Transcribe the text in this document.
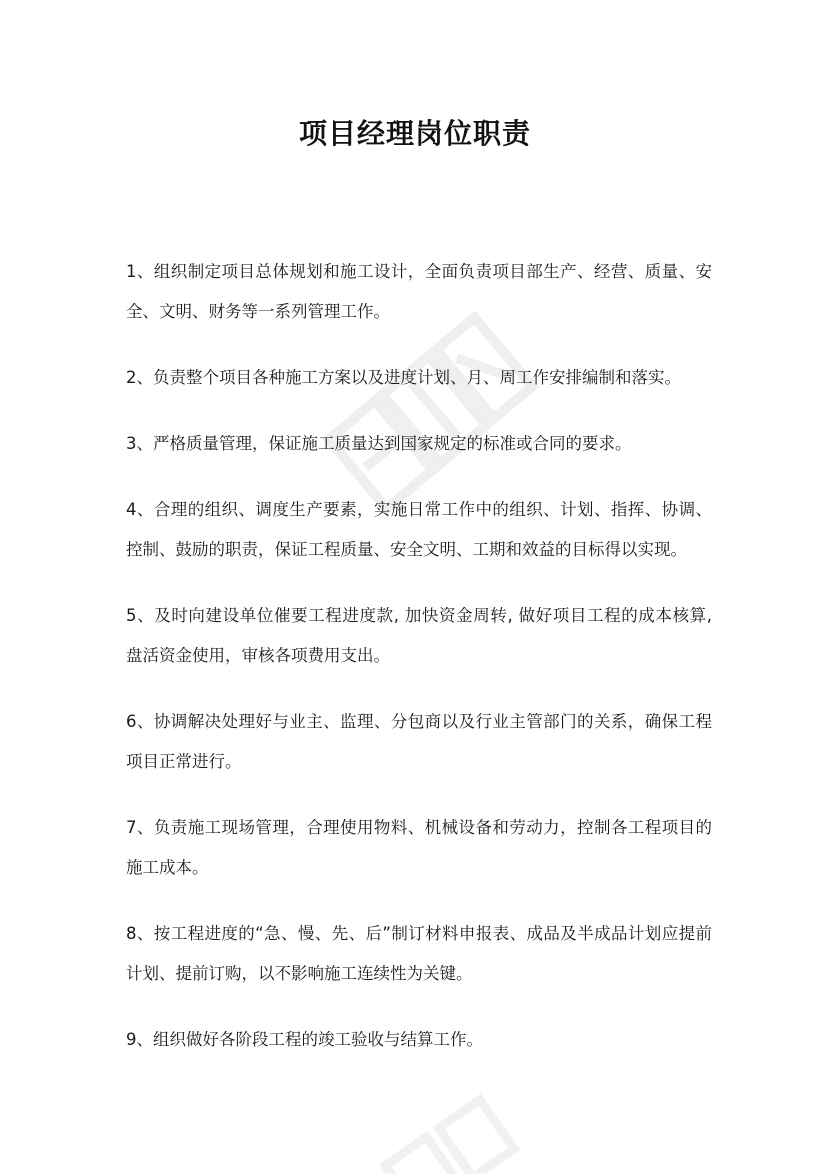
项目经理岗位职责

1、组织制定项目总体规划和施工设计，全面负责项目部生产、经营、质量、安全、文明、财务等一系列管理工作。

2、负责整个项目各种施工方案以及进度计划、月、周工作安排编制和落实。

3、严格质量管理，保证施工质量达到国家规定的标准或合同的要求。

4、合理的组织、调度生产要素，实施日常工作中的组织、计划、指挥、协调、控制、鼓励的职责，保证工程质量、安全文明、工期和效益的目标得以实现。

5、及时向建设单位催要工程进度款, 加快资金周转, 做好项目工程的成本核算, 盘活资金使用，审核各项费用支出。

6、协调解决处理好与业主、监理、分包商以及行业主管部门的关系，确保工程项目正常进行。

7、负责施工现场管理，合理使用物料、机械设备和劳动力，控制各工程项目的施工成本。

8、按工程进度的“急、慢、先、后”制订材料申报表、成品及半成品计划应提前计划、提前订购，以不影响施工连续性为关键。

9、组织做好各阶段工程的竣工验收与结算工作。
